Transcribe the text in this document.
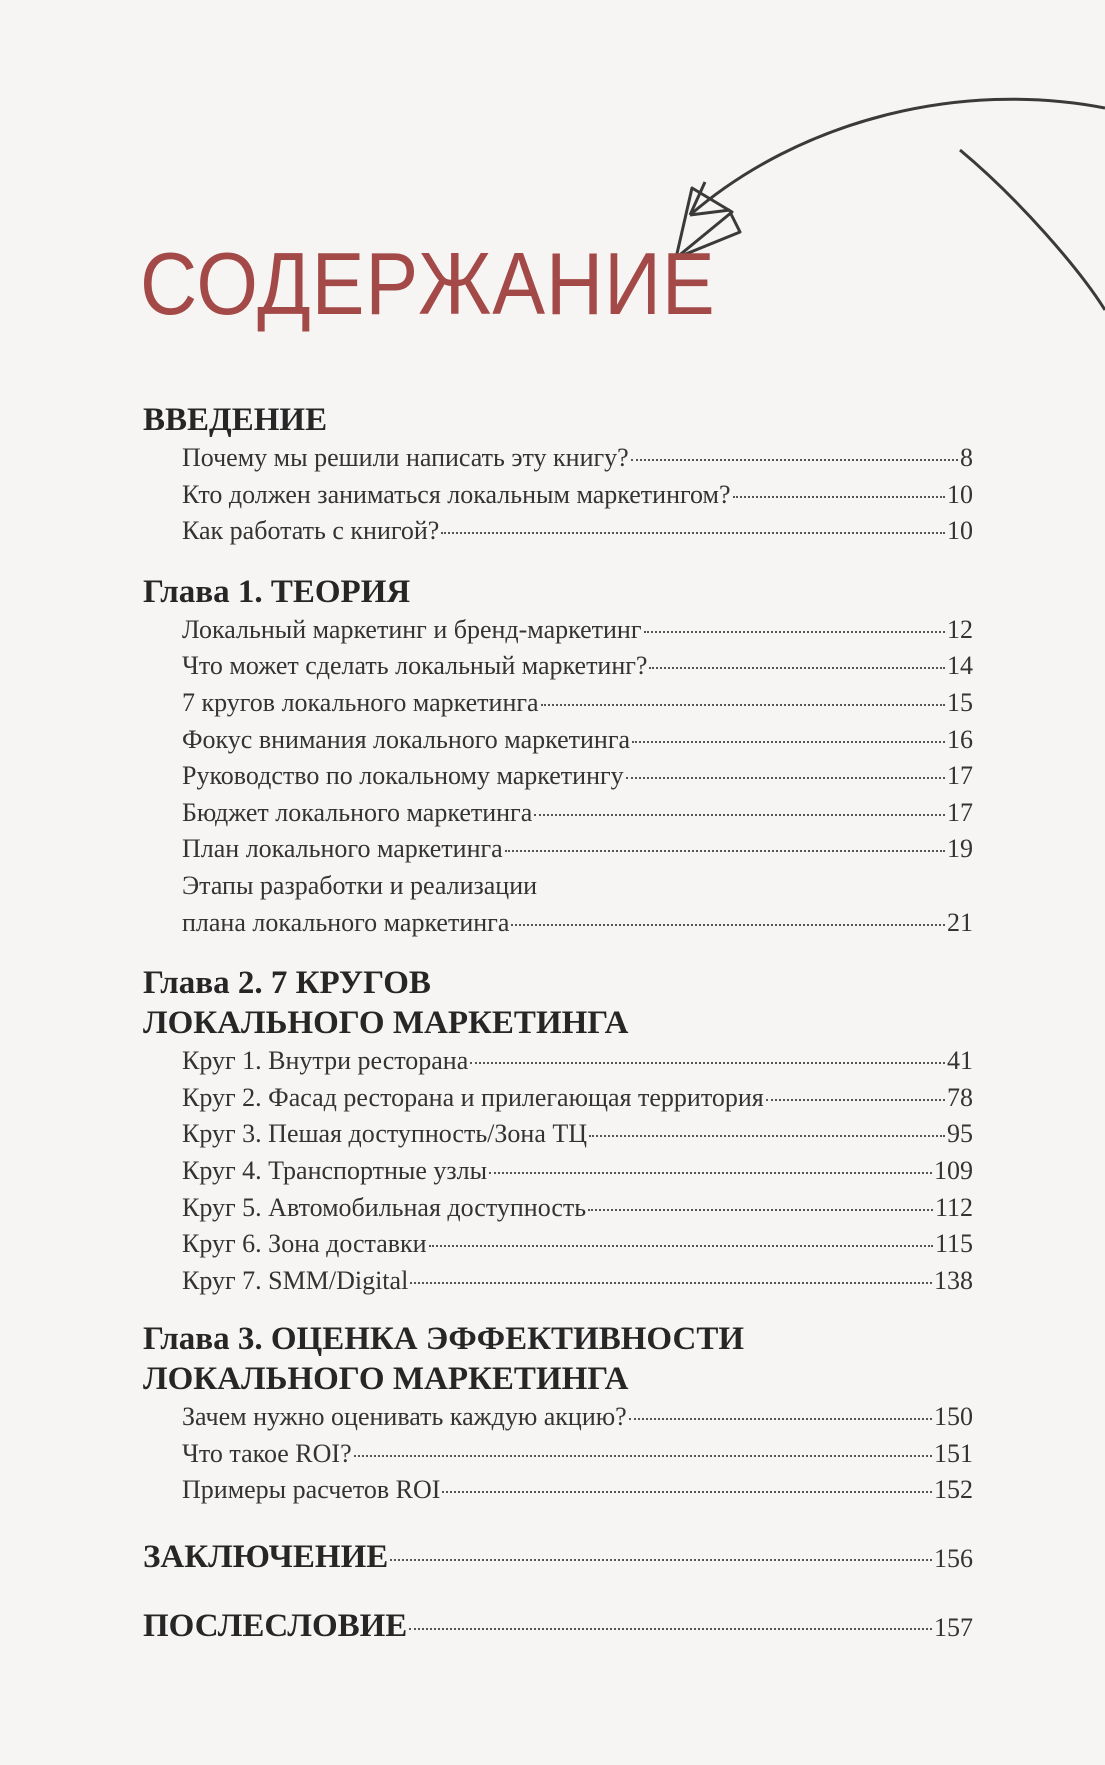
СОДЕРЖАНИЕ
ВВЕДЕНИЕ
Почему мы решили написать эту книгу?	8
Кто должен заниматься локальным маркетингом?	10
Как работать с книгой?	10
Глава 1. ТЕОРИЯ
Локальный маркетинг и бренд-маркетинг	12
Что может сделать локальный маркетинг?	14
7 кругов локального маркетинга	15
Фокус внимания локального маркетинга	16
Руководство по локальному маркетингу	17
Бюджет локального маркетинга	17
План локального маркетинга	19
Этапы разработки и реализации
плана локального маркетинга	21
Глава 2. 7 КРУГОВ
ЛОКАЛЬНОГО МАРКЕТИНГА
Круг 1. Внутри ресторана	41
Круг 2. Фасад ресторана и прилегающая территория	78
Круг 3. Пешая доступность/Зона ТЦ	95
Круг 4. Транспортные узлы	109
Круг 5. Автомобильная доступность	112
Круг 6. Зона доставки	115
Круг 7. SMM/Digital	138
Глава 3. ОЦЕНКА ЭФФЕКТИВНОСТИ
ЛОКАЛЬНОГО МАРКЕТИНГА
Зачем нужно оценивать каждую акцию?	150
Что такое ROI?	151
Примеры расчетов ROI	152
ЗАКЛЮЧЕНИЕ	156
ПОСЛЕСЛОВИЕ	157
